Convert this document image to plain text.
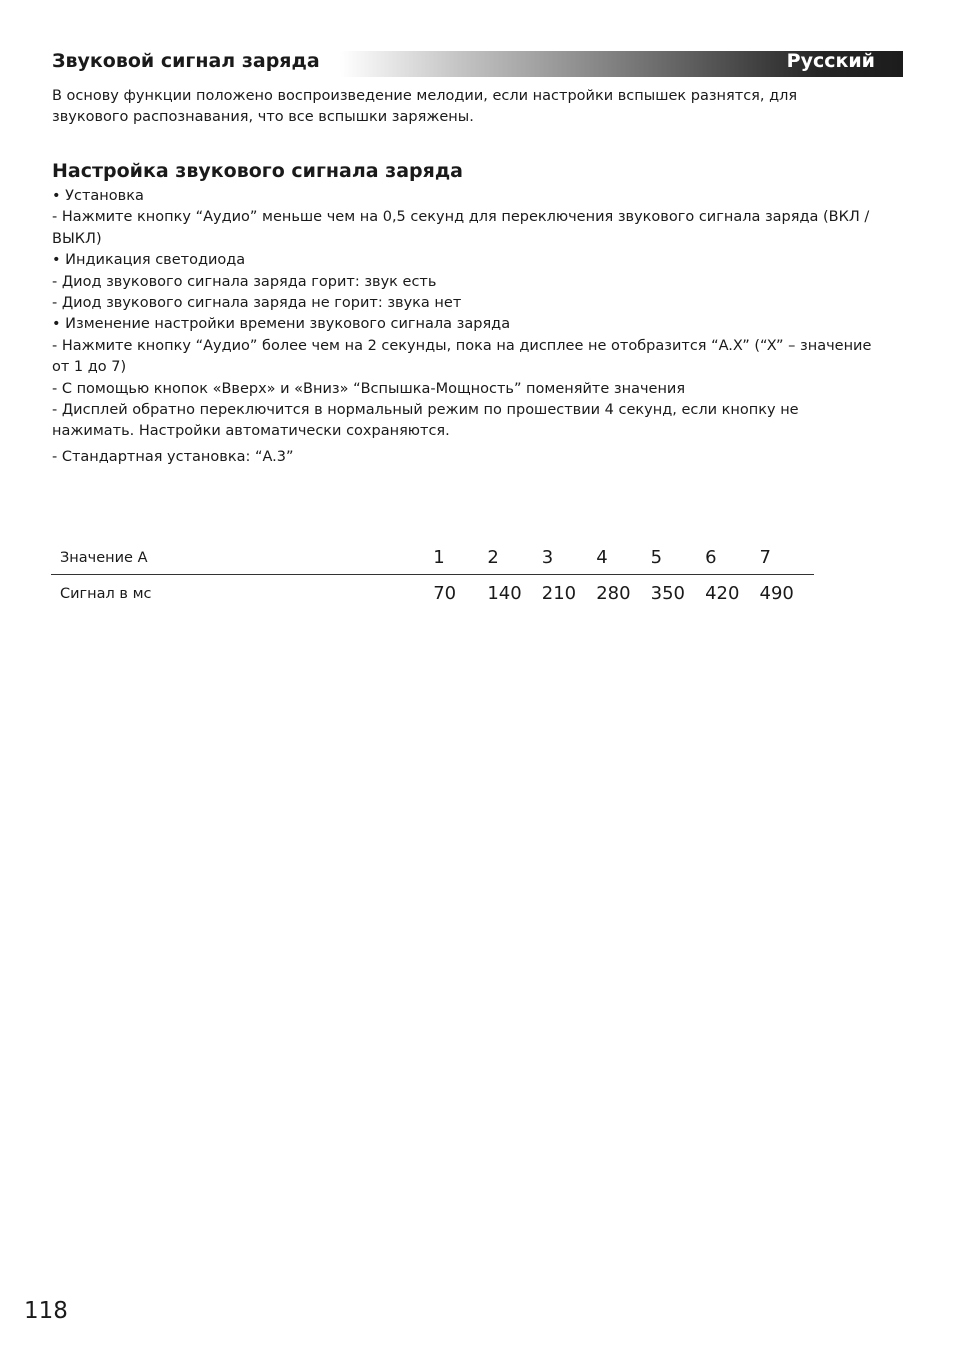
Звуковой сигнал заряда	Русский

В основу функции положено воспроизведение мелодии, если настройки вспышек разнятся, для звукового распознавания, что все вспышки заряжены.

Настройка звукового сигнала заряда
• Установка
- Нажмите кнопку “Аудио” меньше чем на 0,5 секунд для переключения звукового сигнала заряда (ВКЛ / ВЫКЛ)
• Индикация светодиода
- Диод звукового сигнала заряда горит: звук есть
- Диод звукового сигнала заряда не горит: звука нет
• Изменение настройки времени звукового сигнала заряда
- Нажмите кнопку “Аудио” более чем на 2 секунды, пока на дисплее не отобразится “A.X” (“X” – значение от 1 до 7)
- С помощью кнопок «Вверх» и «Вниз» “Вспышка-Мощность” поменяйте значения
- Дисплей обратно переключится в нормальный режим по прошествии 4 секунд, если кнопку не нажимать. Настройки автоматически сохраняются.
- Стандартная установка: “A.3”
Значение А	1	2	3	4	5	6	7
Сигнал в мс	70	140	210	280	350	420	490
118
